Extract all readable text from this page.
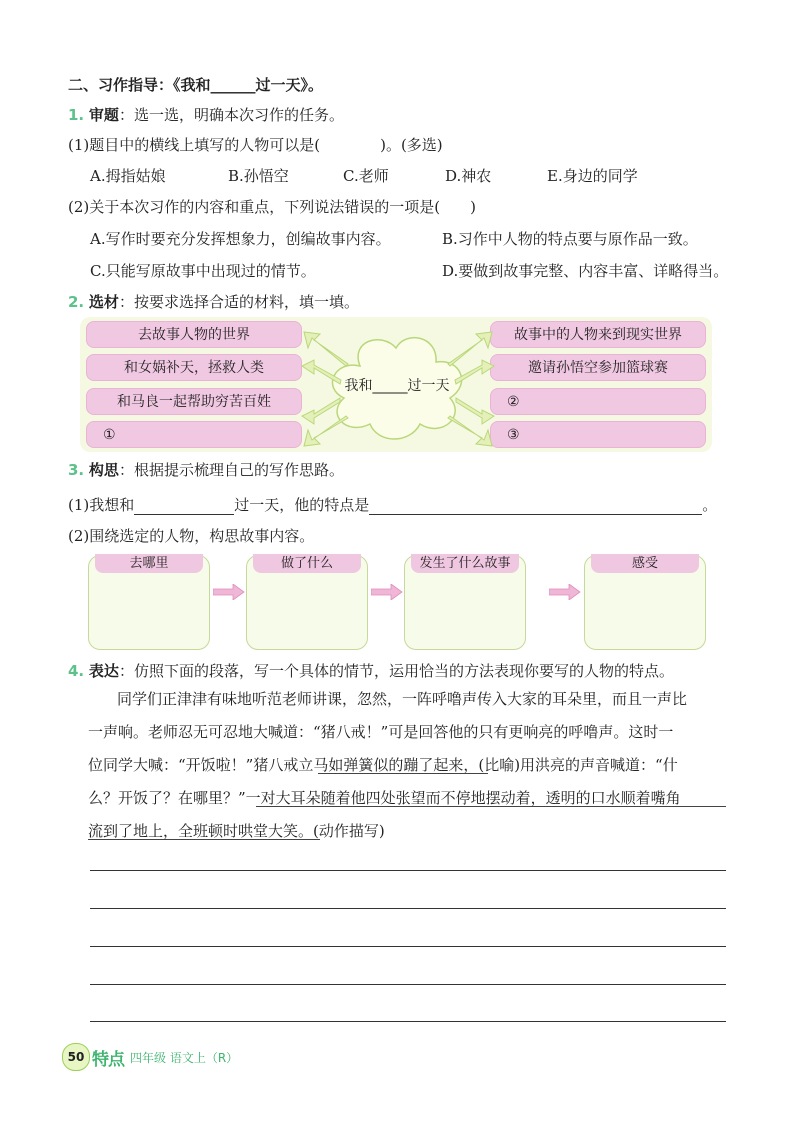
二、习作指导：《我和______过一天》。
1. 审题：选一选，明确本次习作的任务。
(1)题目中的横线上填写的人物可以是(　　　　)。(多选)
A.拇指姑娘	B.孙悟空	C.老师	D.神农	E.身边的同学
(2)关于本次习作的内容和重点，下列说法错误的一项是(　　)
A.写作时要充分发挥想象力，创编故事内容。	B.习作中人物的特点要与原作品一致。
C.只能写原故事中出现过的情节。	D.要做到故事完整、内容丰富、详略得当。
2. 选材：按要求选择合适的材料，填一填。
去故事人物的世界
和女娲补天，拯救人类
和马良一起帮助穷苦百姓
①
故事中的人物来到现实世界
邀请孙悟空参加篮球赛
②
③
我和_____过一天
3. 构思：根据提示梳理自己的写作思路。
(1)我想和	过一天，他的特点是	。
(2)围绕选定的人物，构思故事内容。
去哪里	做了什么	发生了什么故事	感受
4. 表达：仿照下面的段落，写一个具体的情节，运用恰当的方法表现你要写的人物的特点。
同学们正津津有味地听范老师讲课，忽然，一阵呼噜声传入大家的耳朵里，而且一声比
一声响。老师忍无可忍地大喊道：“猪八戒！”可是回答他的只有更响亮的呼噜声。这时一
位同学大喊：“开饭啦！”猪八戒立马如弹簧似的蹦了起来，(比喻)用洪亮的声音喊道：“什
么？开饭了？在哪里？”一对大耳朵随着他四处张望而不停地摆动着，透明的口水顺着嘴角
流到了地上，全班顿时哄堂大笑。(动作描写)
50 特点 四年级 语文上（R）
